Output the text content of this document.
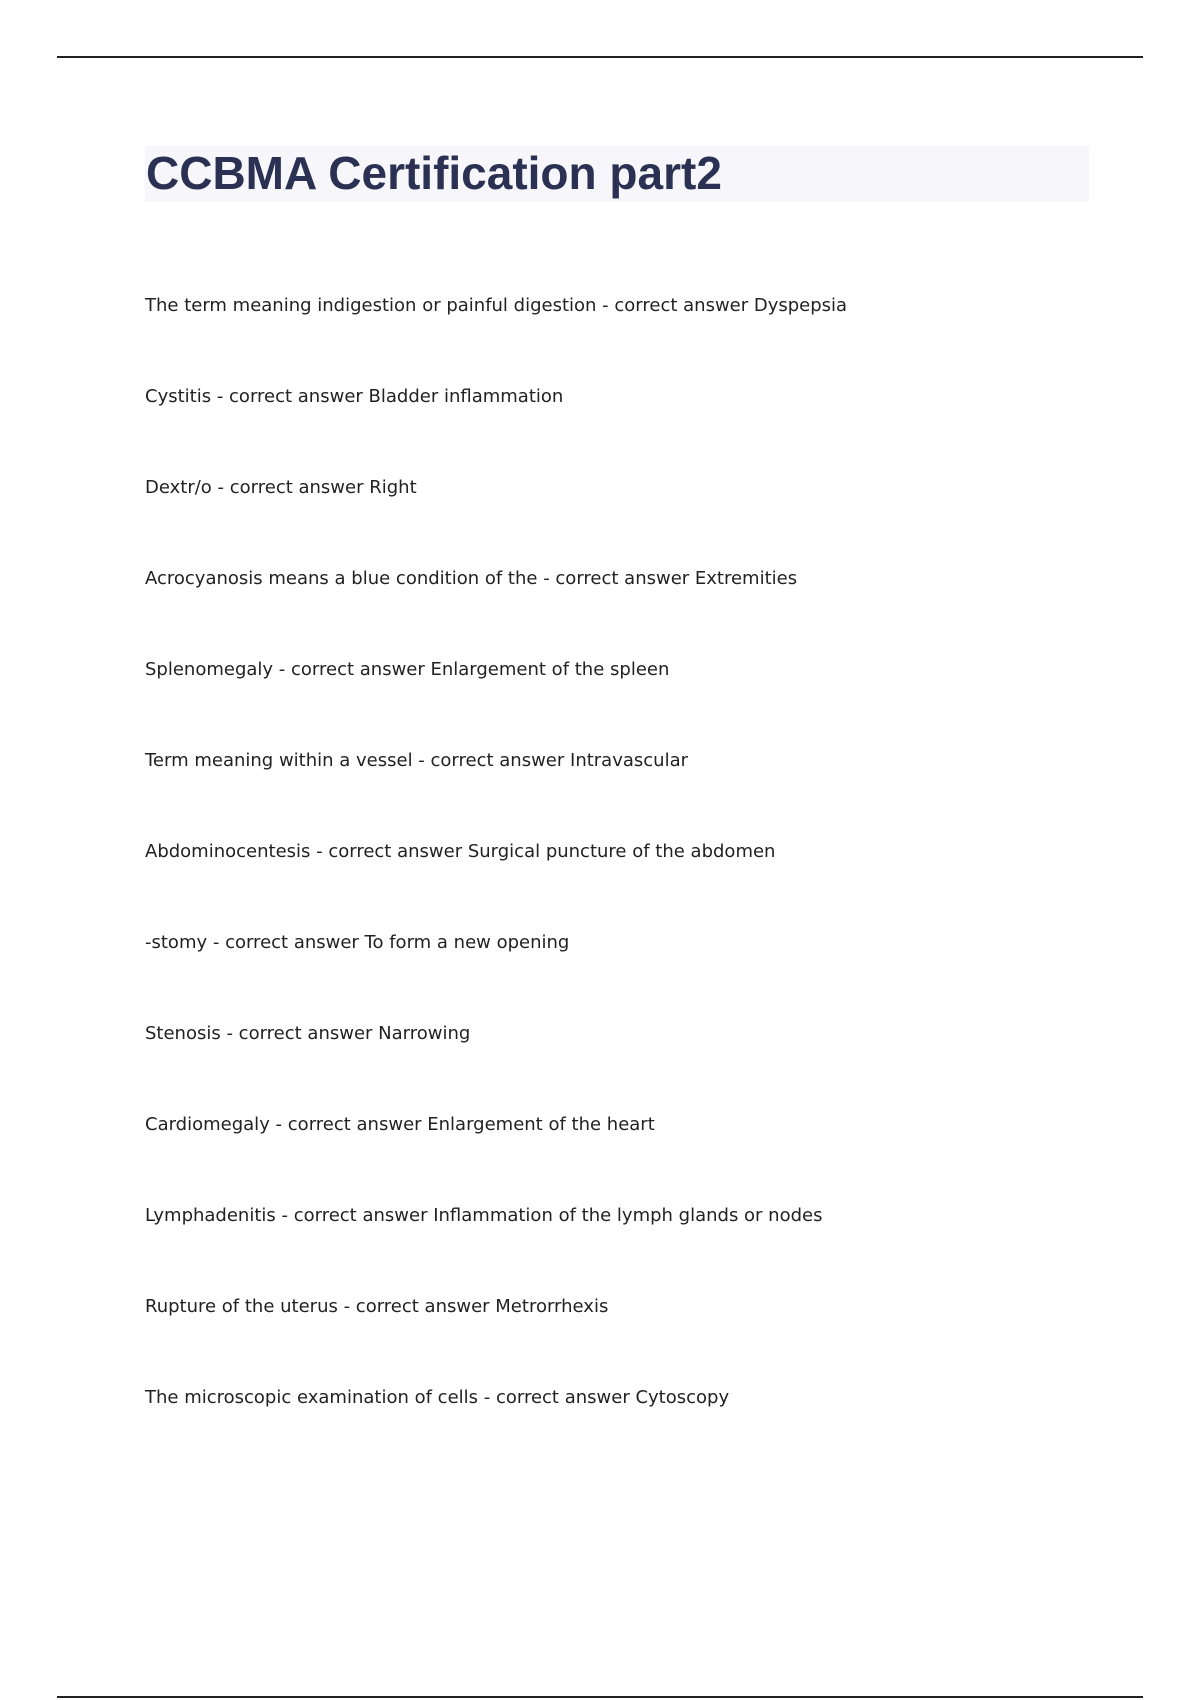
CCBMA Certification part2
The term meaning indigestion or painful digestion - correct answer Dyspepsia
Cystitis - correct answer Bladder inflammation
Dextr/o - correct answer Right
Acrocyanosis means a blue condition of the - correct answer Extremities
Splenomegaly - correct answer Enlargement of the spleen
Term meaning within a vessel - correct answer Intravascular
Abdominocentesis - correct answer Surgical puncture of the abdomen
-stomy - correct answer To form a new opening
Stenosis - correct answer Narrowing
Cardiomegaly - correct answer Enlargement of the heart
Lymphadenitis - correct answer Inflammation of the lymph glands or nodes
Rupture of the uterus - correct answer Metrorrhexis
The microscopic examination of cells - correct answer Cytoscopy
